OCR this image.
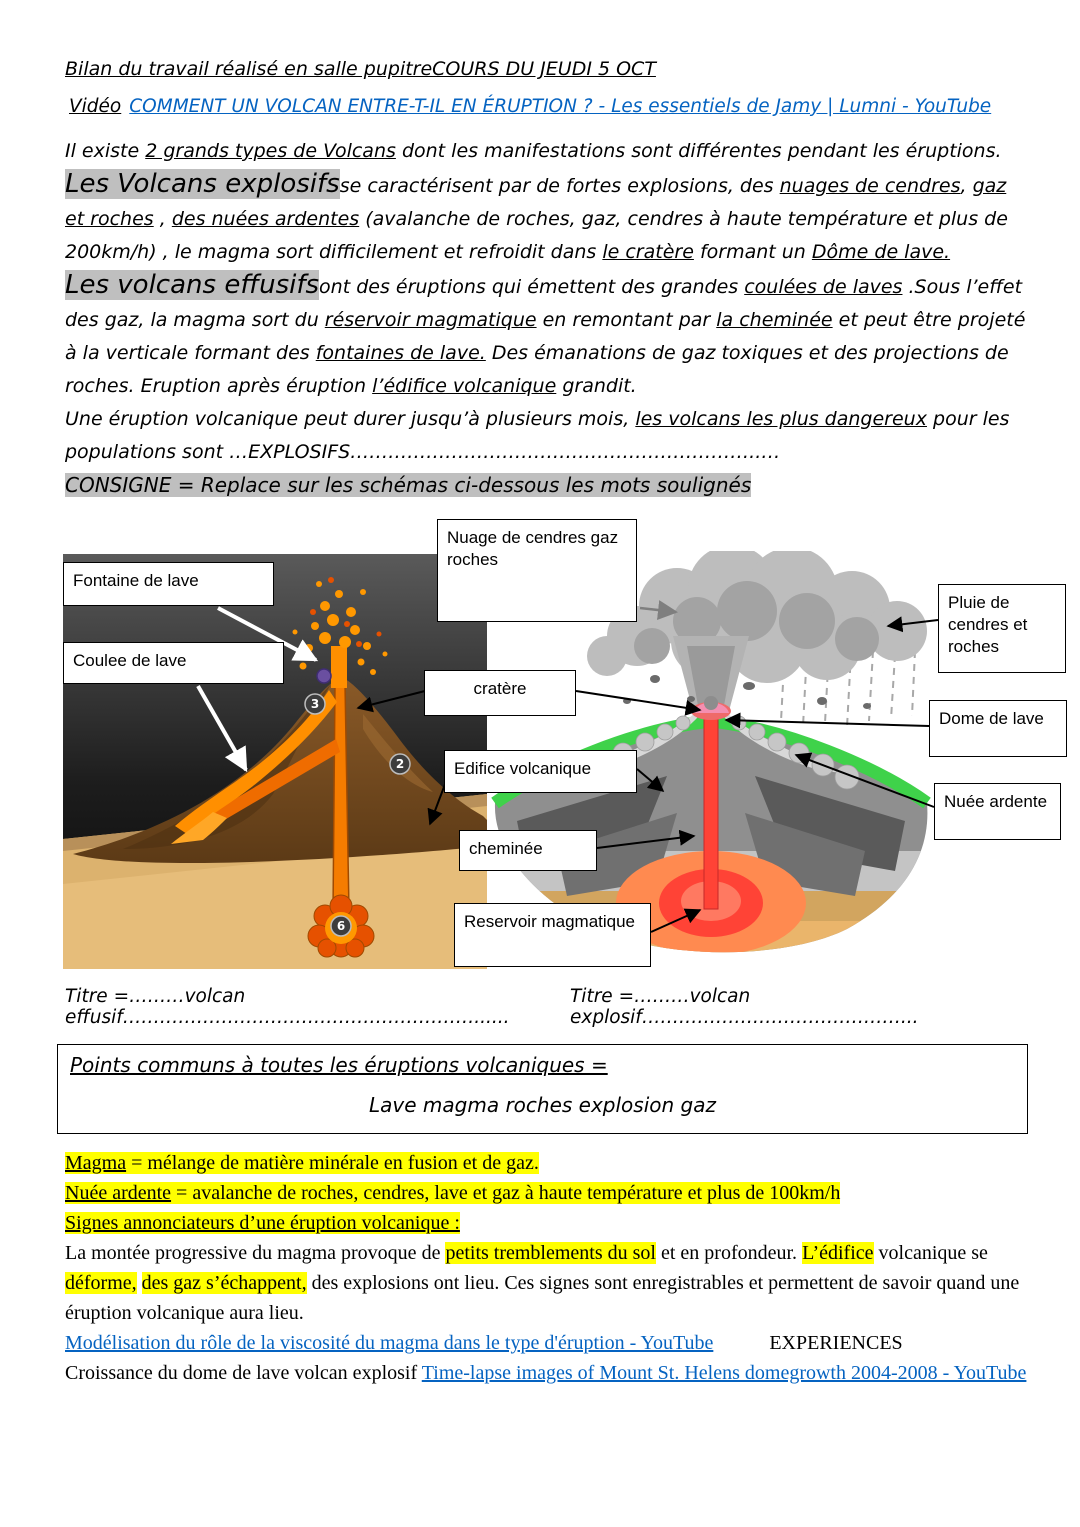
Bilan du travail réalisé en salle pupitreCOURS DU JEUDI 5 OCT
Vidéo COMMENT UN VOLCAN ENTRE-T-IL EN ÉRUPTION ? - Les essentiels de Jamy | Lumni - YouTube

Il existe 2 grands types de Volcans dont les manifestations sont différentes pendant les éruptions.

Les Volcans explosifsse caractérisent par de fortes explosions, des nuages de cendres, gaz et roches , des nuées ardentes (avalanche de roches, gaz, cendres à haute température et plus de 200km/h) , le magma sort difficilement et refroidit dans le cratère formant un Dôme de lave.

Les volcans effusifsont des éruptions qui émettent des grandes coulées de laves .Sous l’effet des gaz, la magma sort du réservoir magmatique en remontant par la cheminée et peut être projeté à la verticale formant des fontaines de lave. Des émanations de gaz toxiques et des projections de roches. Eruption après éruption l’édifice volcanique grandit.

Une éruption volcanique peut durer jusqu’à plusieurs mois, les volcans les plus dangereux pour les populations sont …EXPLOSIFS………………………………………………………..…

CONSIGNE = Replace sur les schémas ci-dessous les mots soulignés

3
2
6
Nuage de cendres gaz roches
Fontaine de lave
Coulee de lave
cratère
Edifice volcanique
cheminée
Reservoir magmatique
Pluie de cendres et roches
Dome de lave
Nuée ardente
Titre =………volcan effusif…………………………………………………......
Titre =………volcan explosif……………………………………...
Points communs à toutes les éruptions volcaniques =
Lave magma roches explosion gaz

Magma = mélange de matière minérale en fusion et de gaz.

Nuée ardente = avalanche de roches, cendres, lave et gaz à haute température et plus de 100km/h

Signes annonciateurs d’une éruption volcanique :

La montée progressive du magma provoque de petits tremblements du sol et en profondeur. L’édifice volcanique se déforme, des gaz s’échappent, des explosions ont lieu. Ces signes sont enregistrables et permettent de savoir quand une éruption volcanique aura lieu.

Modélisation du rôle de la viscosité du magma dans le type d'éruption - YouTube	EXPERIENCES

Croissance du dome de lave volcan explosif Time-lapse images of Mount St. Helens domegrowth 2004-2008 - YouTube
